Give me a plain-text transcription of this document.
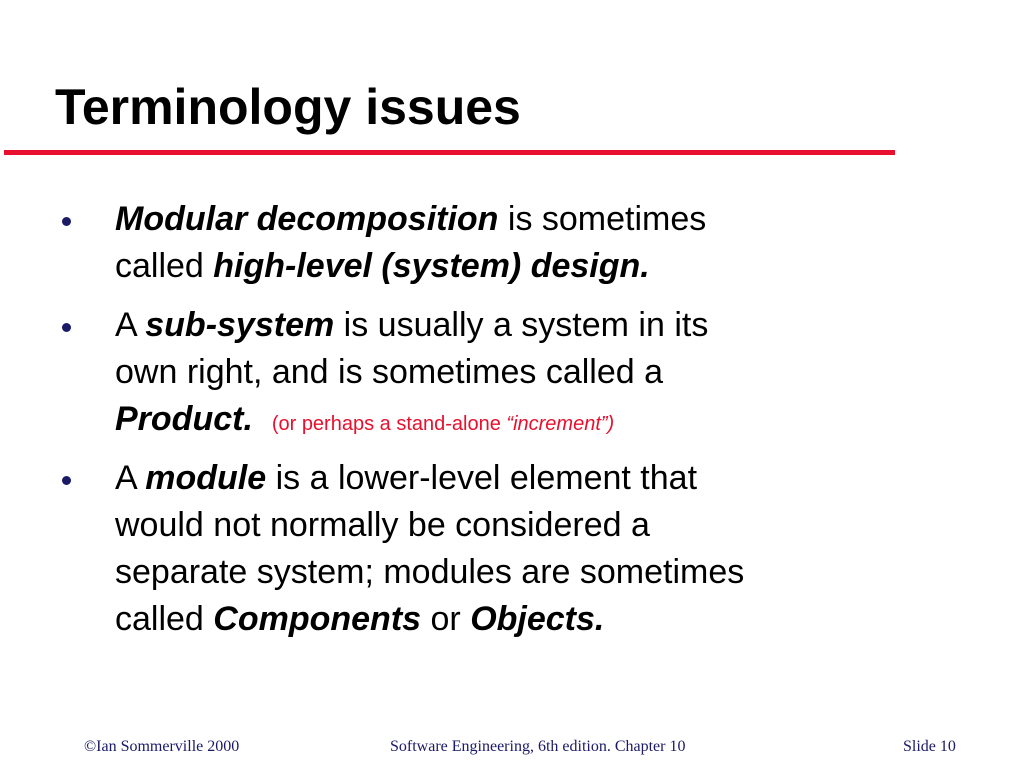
Terminology issues
Modular decomposition is sometimes
called high-level (system) design.
A sub-system is usually a system in its
own right, and is sometimes called a
Product. (or perhaps a stand-alone “increment”)
A module is a lower-level element that
would not normally be considered a
separate system; modules are sometimes
called Components or Objects.
©Ian Sommerville 2000	Software Engineering, 6th edition. Chapter 10	Slide 10
